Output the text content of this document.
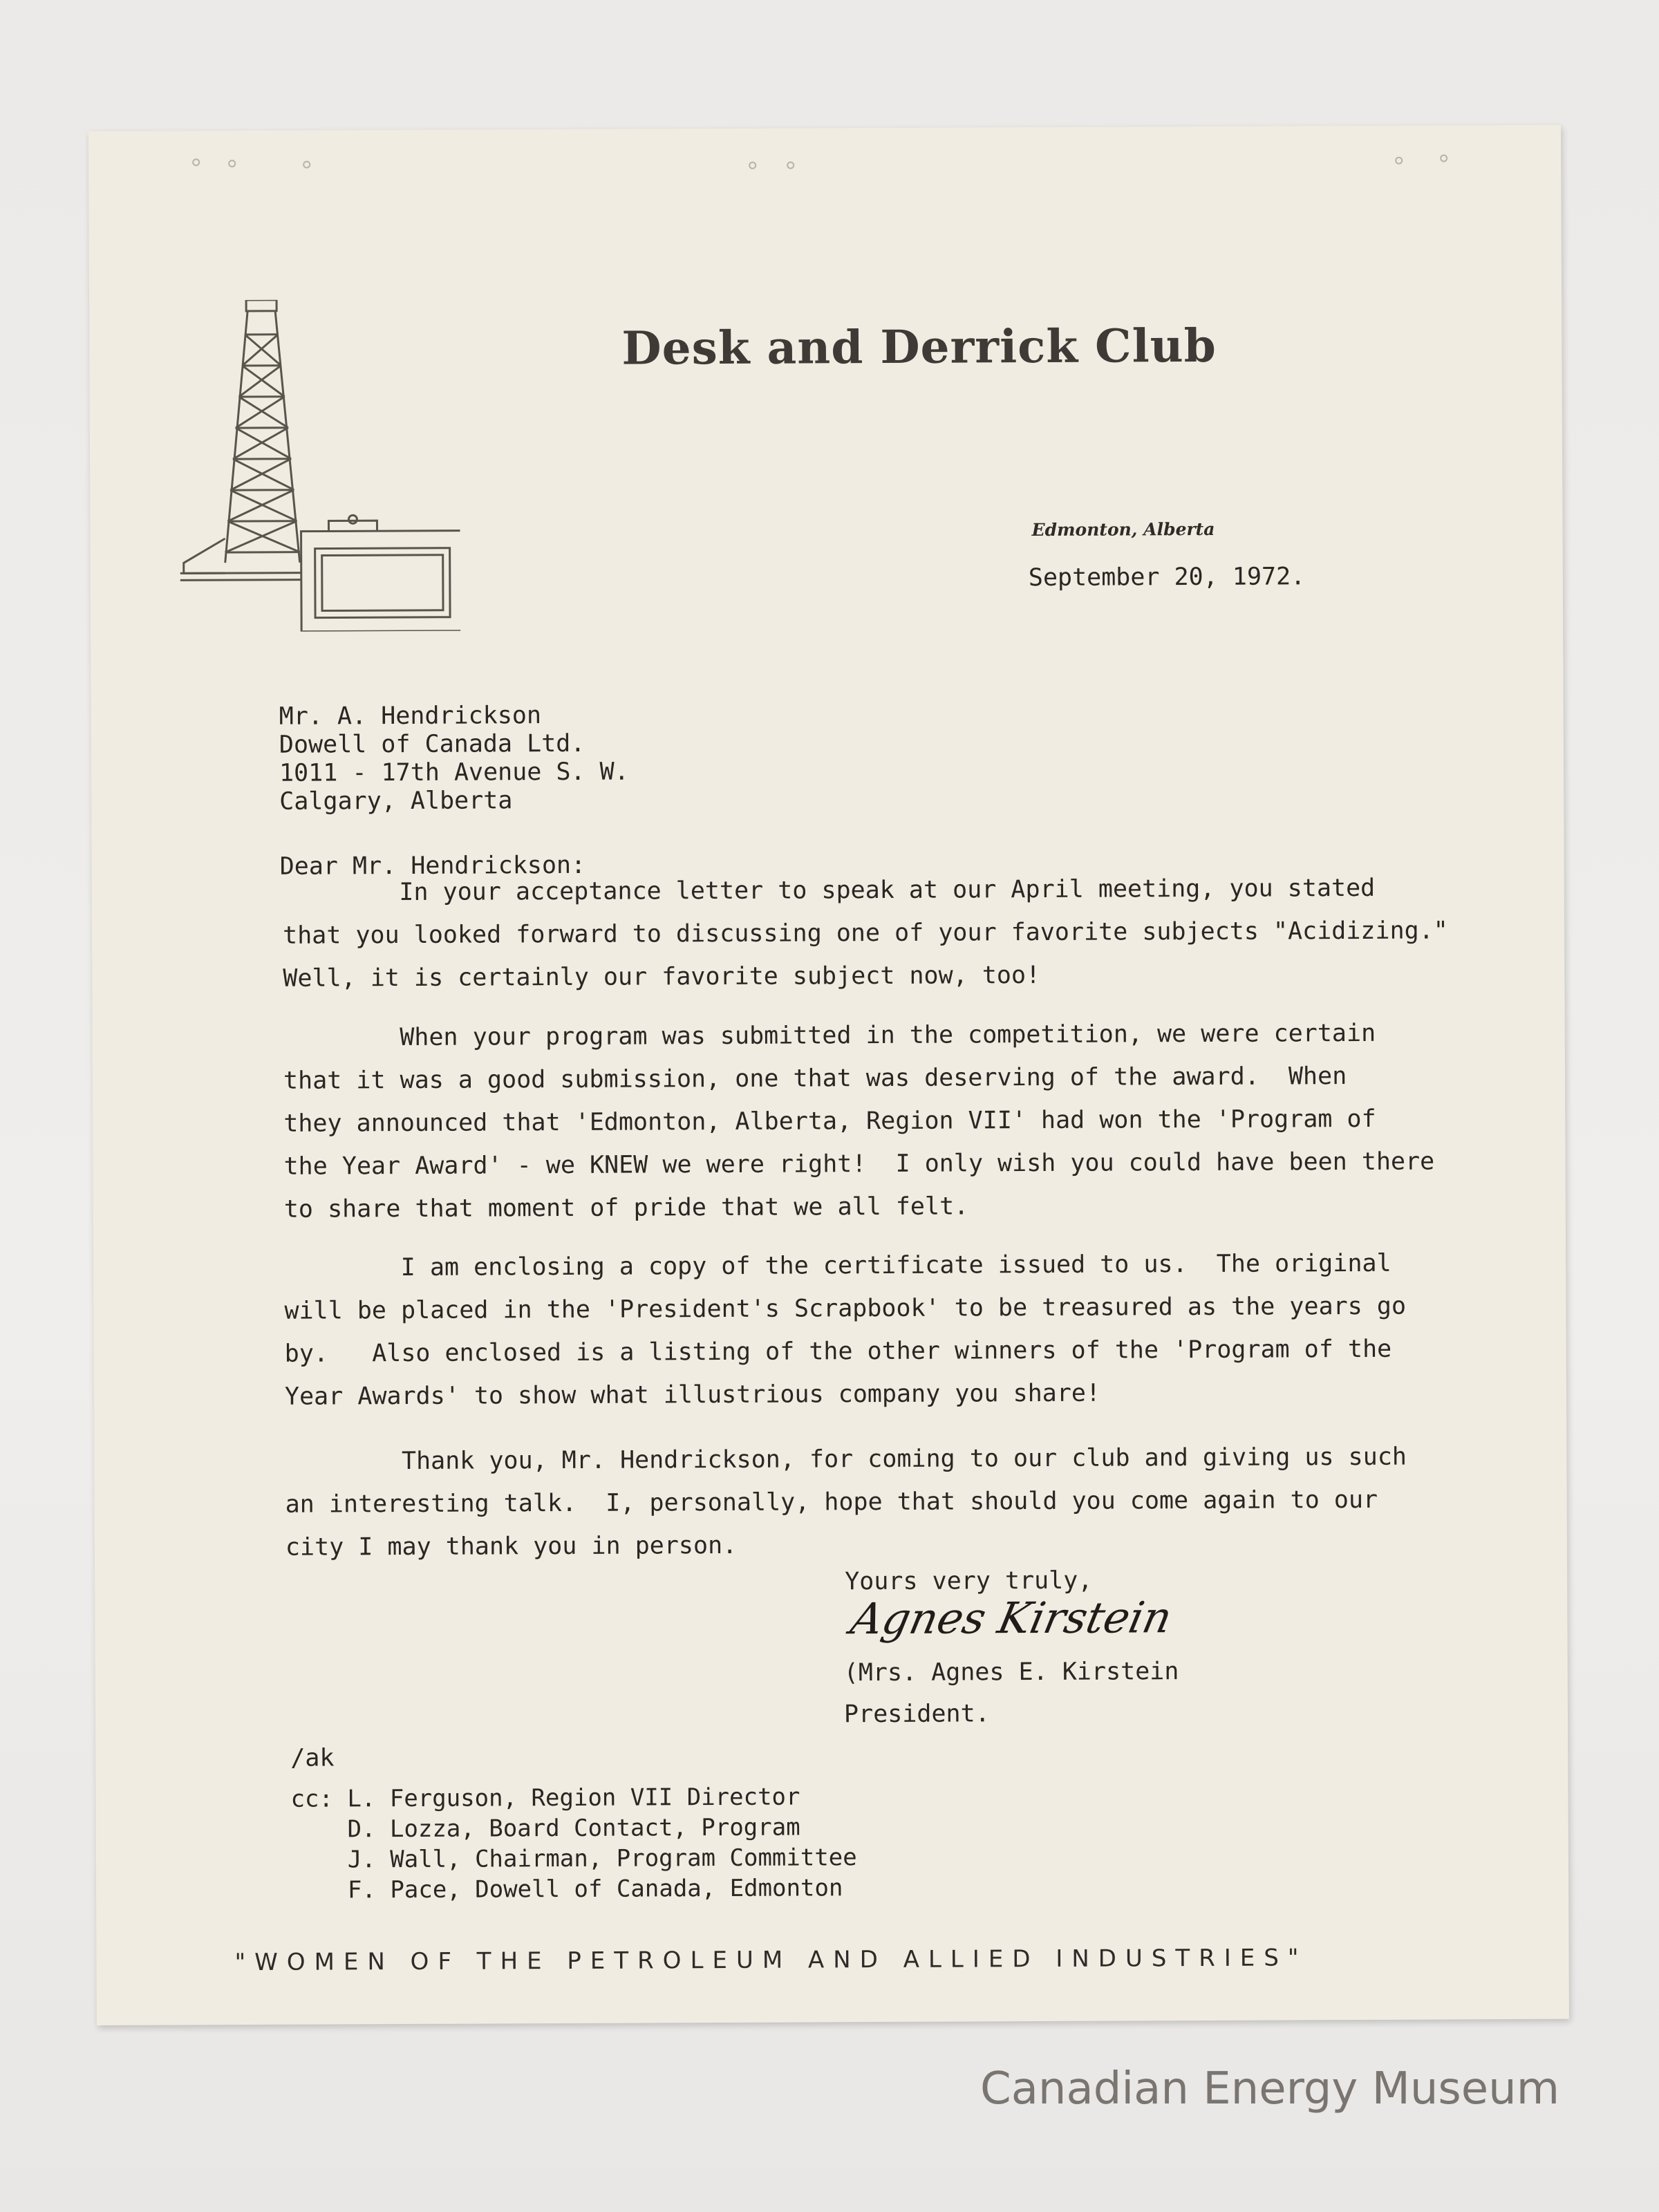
Desk and Derrick Club
Edmonton, Alberta
September 20, 1972.
Mr. A. Hendrickson
Dowell of Canada Ltd.
1011 - 17th Avenue S. W.
Calgary, Alberta
Dear Mr. Hendrickson:
In your acceptance letter to speak at our April meeting, you stated
that you looked forward to discussing one of your favorite subjects "Acidizing."
Well, it is certainly our favorite subject now, too!
When your program was submitted in the competition, we were certain
that it was a good submission, one that was deserving of the award.  When
they announced that 'Edmonton, Alberta, Region VII' had won the 'Program of
the Year Award' - we KNEW we were right!  I only wish you could have been there
to share that moment of pride that we all felt.
I am enclosing a copy of the certificate issued to us.  The original
will be placed in the 'President's Scrapbook' to be treasured as the years go
by.   Also enclosed is a listing of the other winners of the 'Program of the
Year Awards' to show what illustrious company you share!
Thank you, Mr. Hendrickson, for coming to our club and giving us such
an interesting talk.  I, personally, hope that should you come again to our
city I may thank you in person.
Yours very truly,
Agnes Kirstein
(Mrs. Agnes E. Kirstein
President.
/ak
cc: L. Ferguson, Region VII Director
D. Lozza, Board Contact, Program
J. Wall, Chairman, Program Committee
F. Pace, Dowell of Canada, Edmonton
"WOMEN OF THE PETROLEUM AND ALLIED INDUSTRIES"
Canadian Energy Museum
